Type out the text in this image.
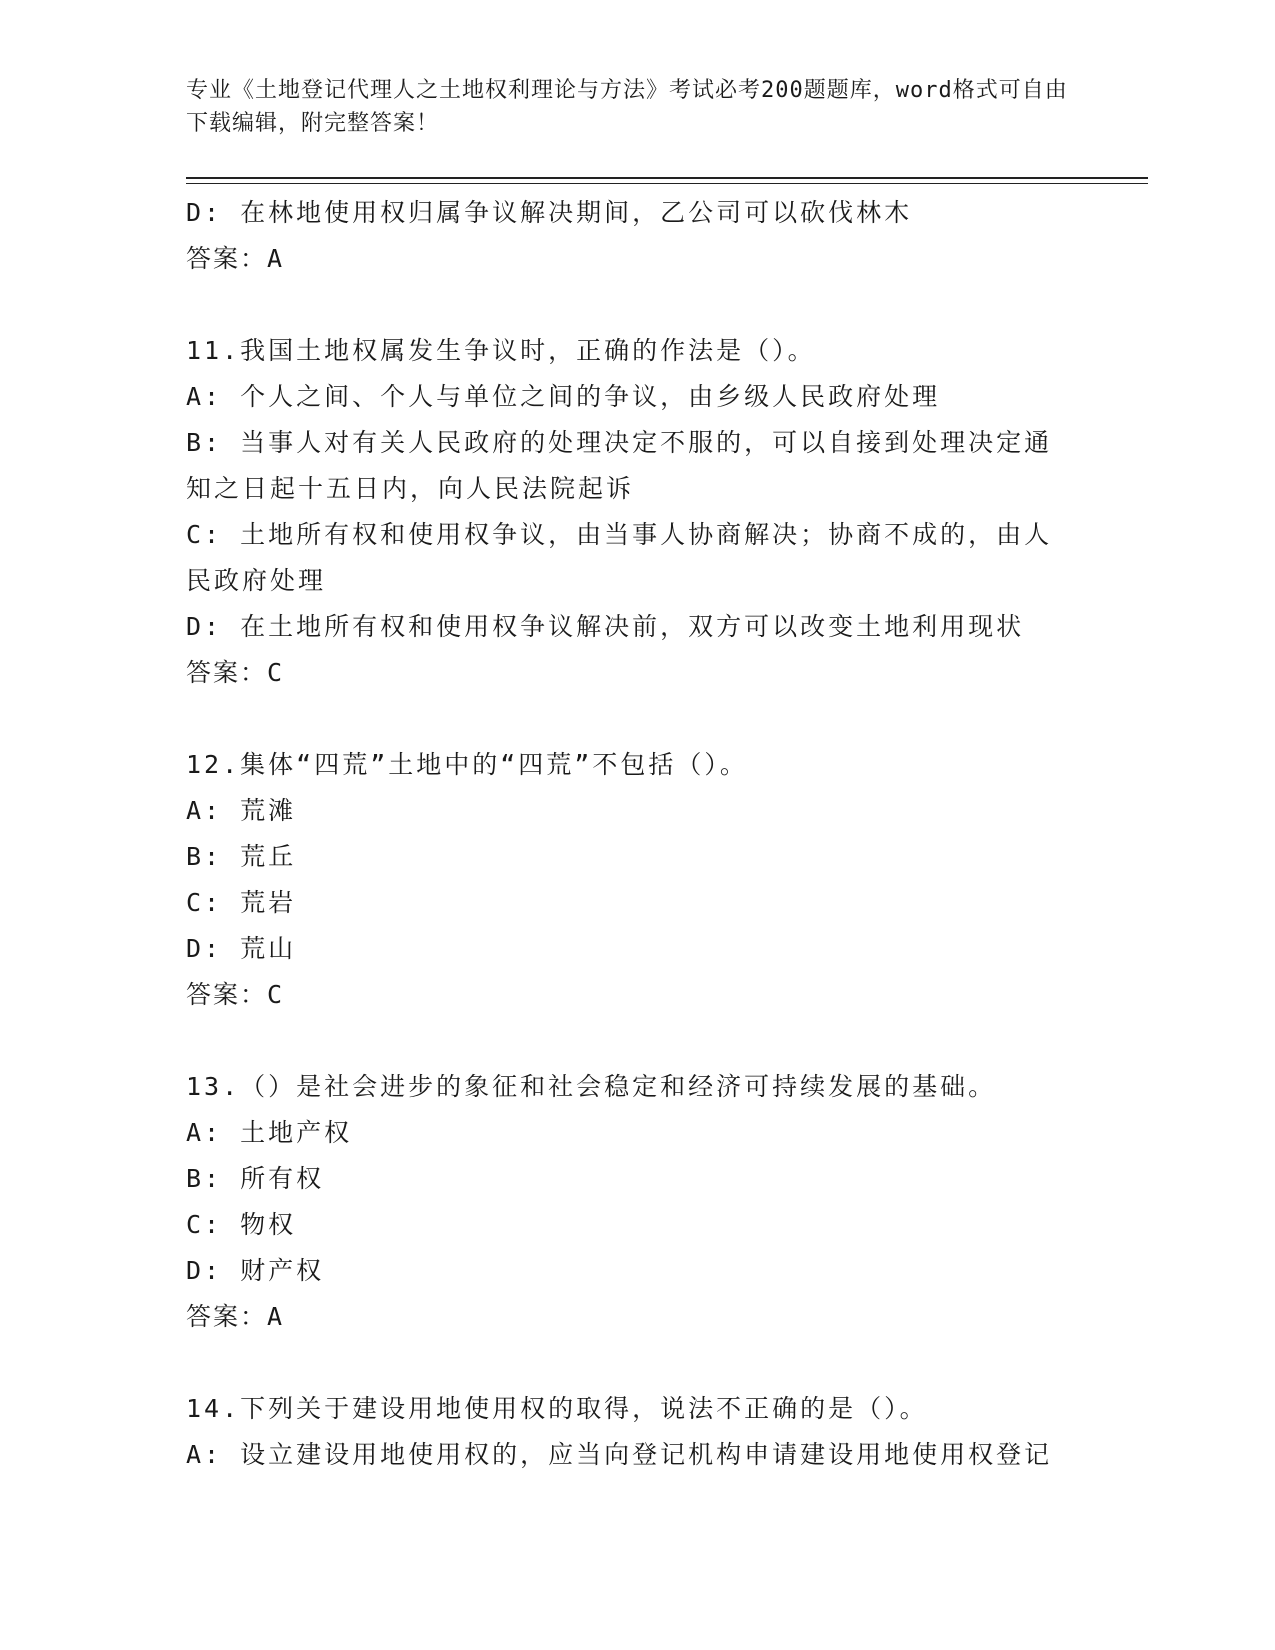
专业《土地登记代理人之土地权利理论与方法》考试必考200题题库，word格式可自由下载编辑，附完整答案！
D: 在林地使用权归属争议解决期间，乙公司可以砍伐林木
答案：A
11.我国土地权属发生争议时，正确的作法是（）。
A: 个人之间、个人与单位之间的争议，由乡级人民政府处理
B: 当事人对有关人民政府的处理决定不服的，可以自接到处理决定通知之日起十五日内，向人民法院起诉
C: 土地所有权和使用权争议，由当事人协商解决；协商不成的，由人民政府处理
D: 在土地所有权和使用权争议解决前，双方可以改变土地利用现状
答案：C
12.集体“四荒”土地中的“四荒”不包括（）。
A: 荒滩
B: 荒丘
C: 荒岩
D: 荒山
答案：C
13.（）是社会进步的象征和社会稳定和经济可持续发展的基础。
A: 土地产权
B: 所有权
C: 物权
D: 财产权
答案：A
14.下列关于建设用地使用权的取得，说法不正确的是（）。
A: 设立建设用地使用权的，应当向登记机构申请建设用地使用权登记
